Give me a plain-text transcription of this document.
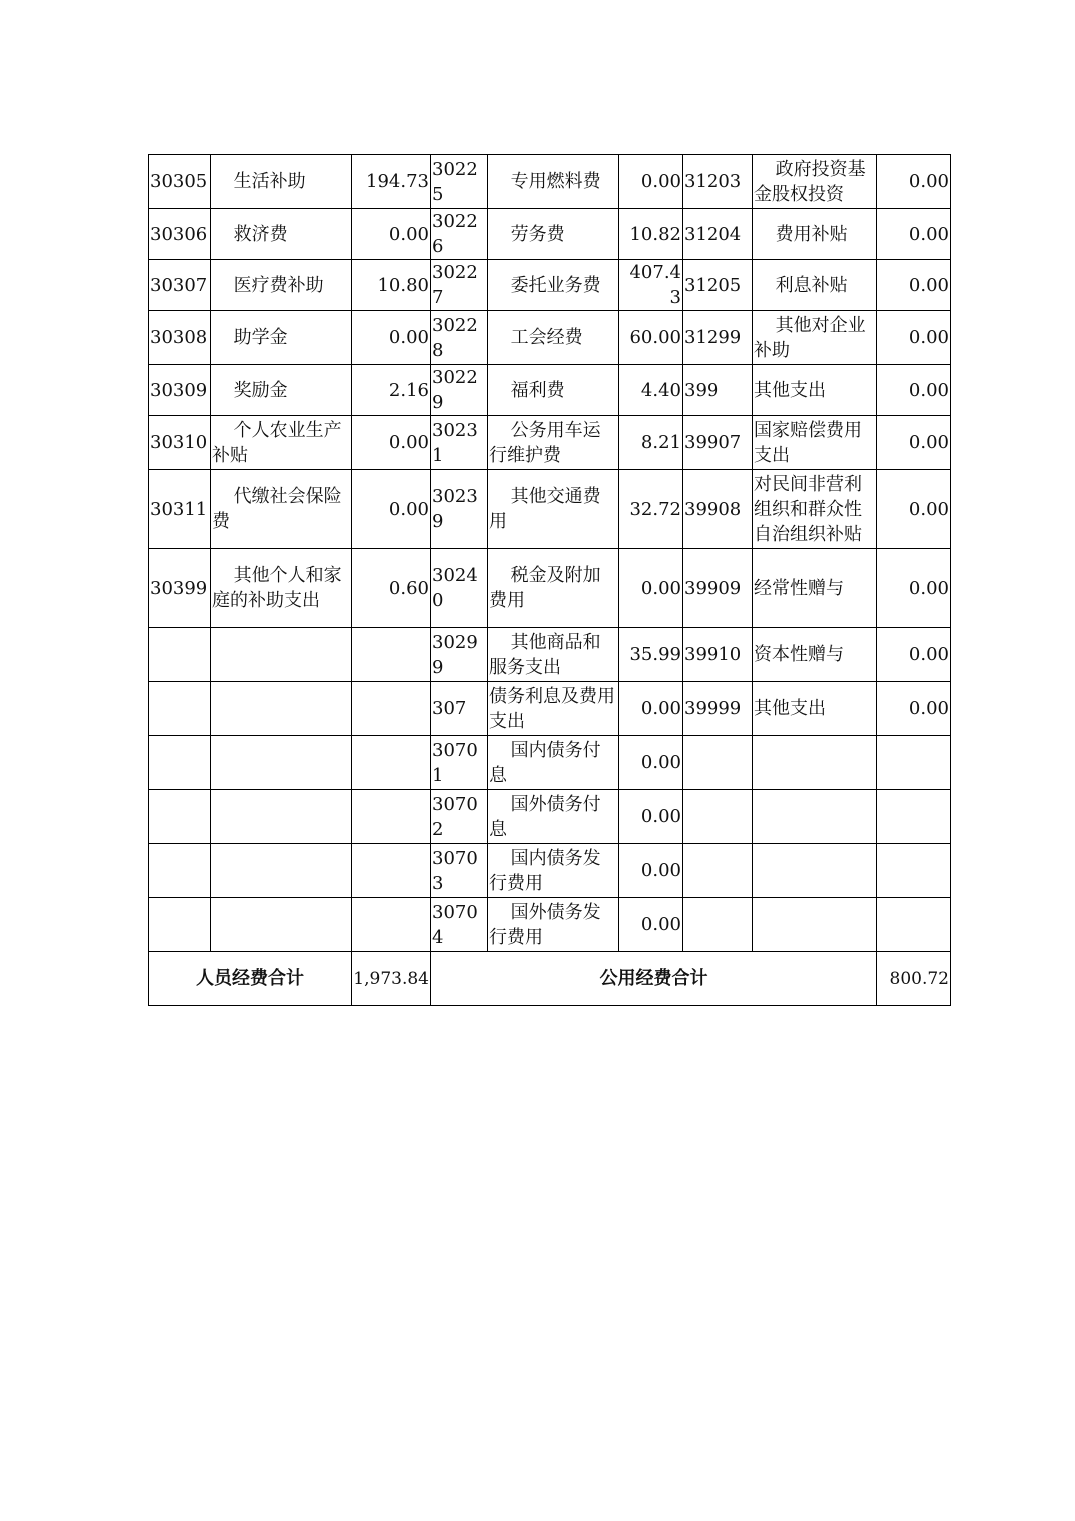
30305	生活补助	194.73	30225	专用燃料费	0.00	31203	政府投资基金股权投资	0.00
30306	救济费	0.00	30226	劳务费	10.82	31204	费用补贴	0.00
30307	医疗费补助	10.80	30227	委托业务费	407.43	31205	利息补贴	0.00
30308	助学金	0.00	30228	工会经费	60.00	31299	其他对企业补助	0.00
30309	奖励金	2.16	30229	福利费	4.40	399	其他支出	0.00
30310	个人农业生产补贴	0.00	30231	公务用车运行维护费	8.21	39907	国家赔偿费用支出	0.00
30311	代缴社会保险费	0.00	30239	其他交通费用	32.72	39908	对民间非营利组织和群众性自治组织补贴	0.00
30399	其他个人和家庭的补助支出	0.60	30240	税金及附加费用	0.00	39909	经常性赠与	0.00
			30299	其他商品和服务支出	35.99	39910	资本性赠与	0.00
			307	债务利息及费用支出	0.00	39999	其他支出	0.00
			30701	国内债务付息	0.00			
			30702	国外债务付息	0.00			
			30703	国内债务发行费用	0.00			
			30704	国外债务发行费用	0.00			
人员经费合计		1,973.84	公用经费合计					800.72
